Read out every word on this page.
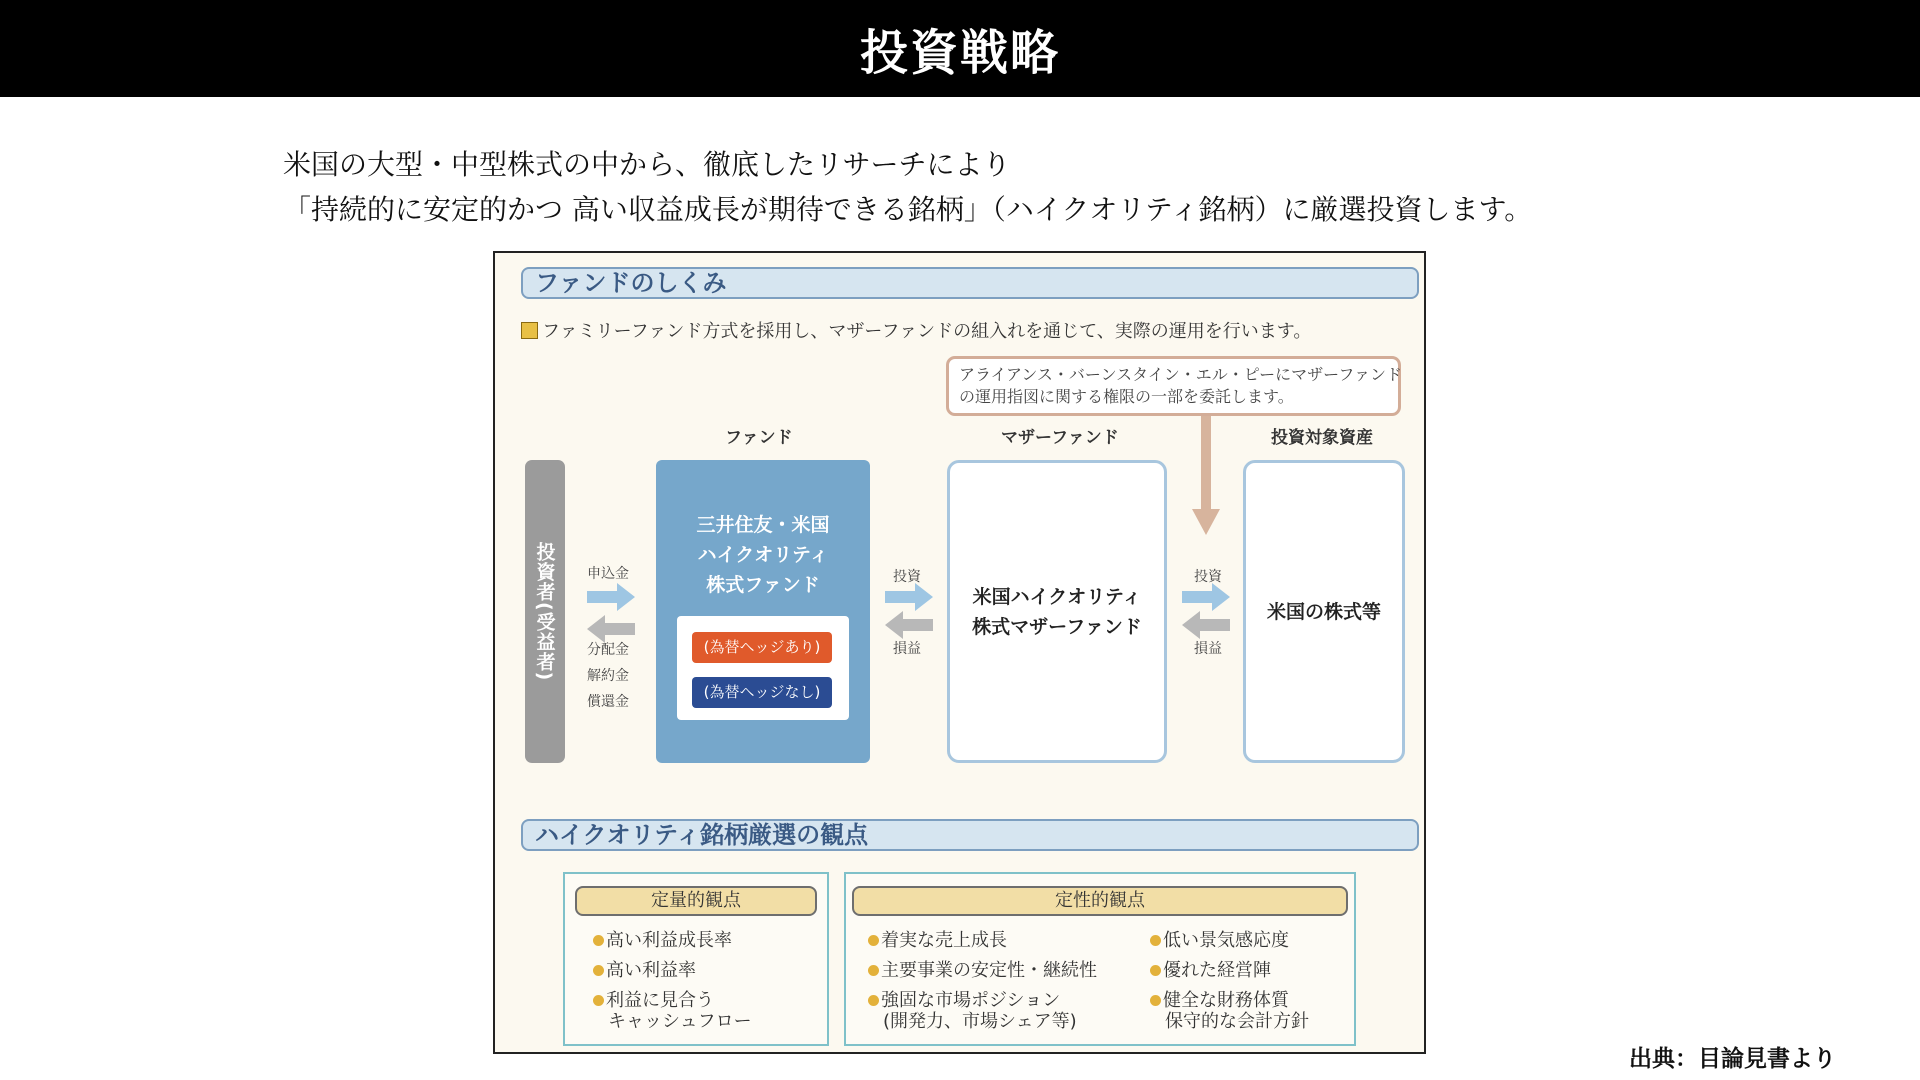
投資戦略
米国の大型・中型株式の中から、徹底したリサーチにより
「持続的に安定的かつ 高い収益成長が期待できる銘柄」（ハイクオリティ銘柄）に厳選投資します。
ファンドのしくみ
ファミリーファンド方式を採用し、マザーファンドの組入れを通じて、実際の運用を行います。
アライアンス・バーンスタイン・エル・ピーにマザーファンド
の運用指図に関する権限の一部を委託します。
ファンド	マザーファンド	投資対象資産
投資者(受益者) 申込金
分配金
解約金
償還金
三井住友・米国
ハイクオリティ
株式ファンド
(為替ヘッジあり)
(為替ヘッジなし)
投資
損益
米国ハイクオリティ
株式マザーファンド
投資
損益
米国の株式等
ハイクオリティ銘柄厳選の観点
定量的観点
高い利益成長率
高い利益率
利益に見合う
キャッシュフロー
定性的観点
着実な売上成長
主要事業の安定性・継続性
強固な市場ポジション
(開発力、市場シェア等)
低い景気感応度
優れた経営陣
健全な財務体質
保守的な会計方針
出典：目論見書より
